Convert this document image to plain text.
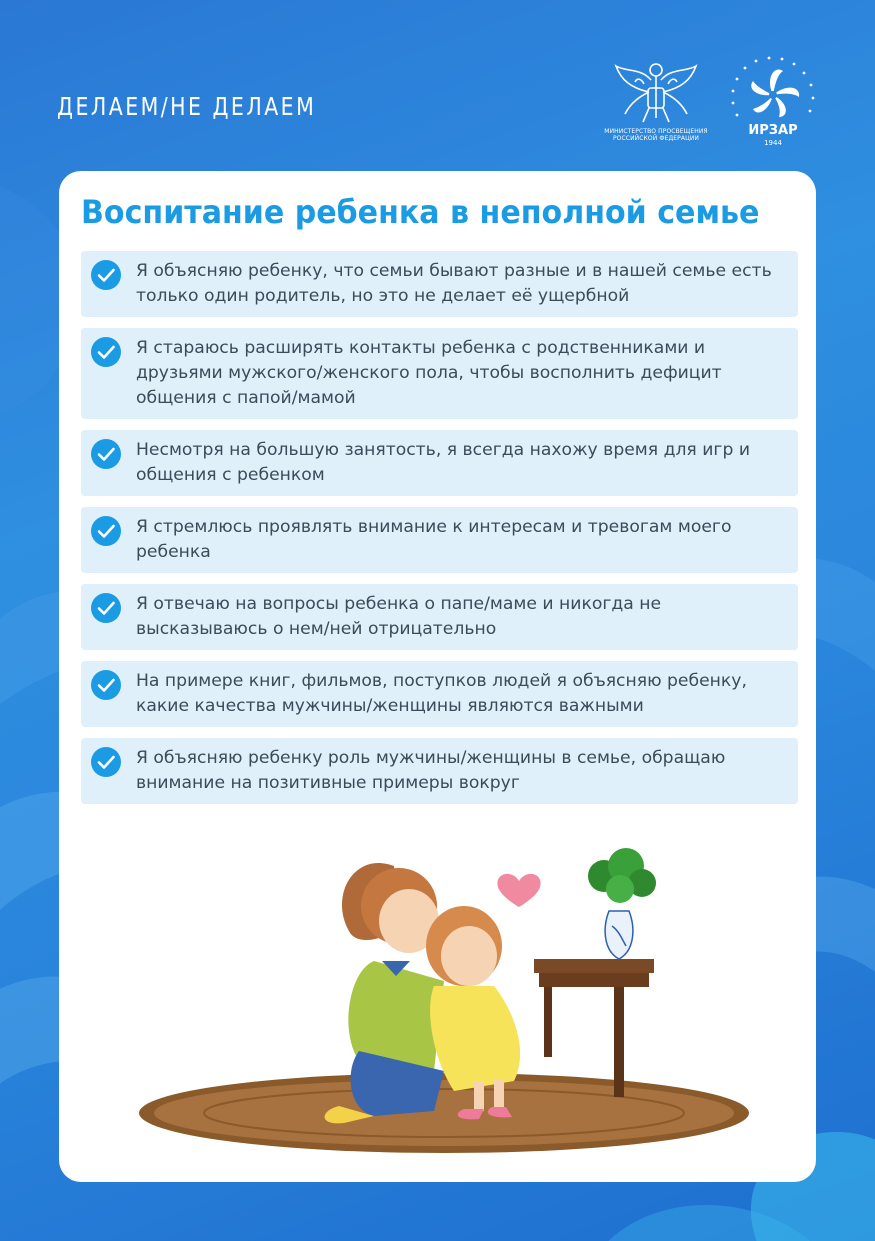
ДЕЛАЕМ/НЕ ДЕЛАЕМ
МИНИСТЕРСТВО ПРОСВЕЩЕНИЯ
РОССИЙСКОЙ ФЕДЕРАЦИИ
ИРЗАР
1944
Воспитание ребенка в неполной семье
Я объясняю ребенку, что семьи бывают разные и в нашей семье есть только один родитель, но это не делает её ущербной
Я стараюсь расширять контакты ребенка с родственниками и друзьями мужского/женского пола, чтобы восполнить дефицит общения с папой/мамой
Несмотря на большую занятость, я всегда нахожу время для игр и общения с ребенком
Я стремлюсь проявлять внимание к интересам и тревогам моего ребенка
Я отвечаю на вопросы ребенка о папе/маме и никогда не высказываюсь о нем/ней отрицательно
На примере книг, фильмов, поступков людей я объясняю ребенку, какие качества мужчины/женщины являются важными
Я объясняю ребенку роль мужчины/женщины в семье, обращаю внимание на позитивные примеры вокруг
